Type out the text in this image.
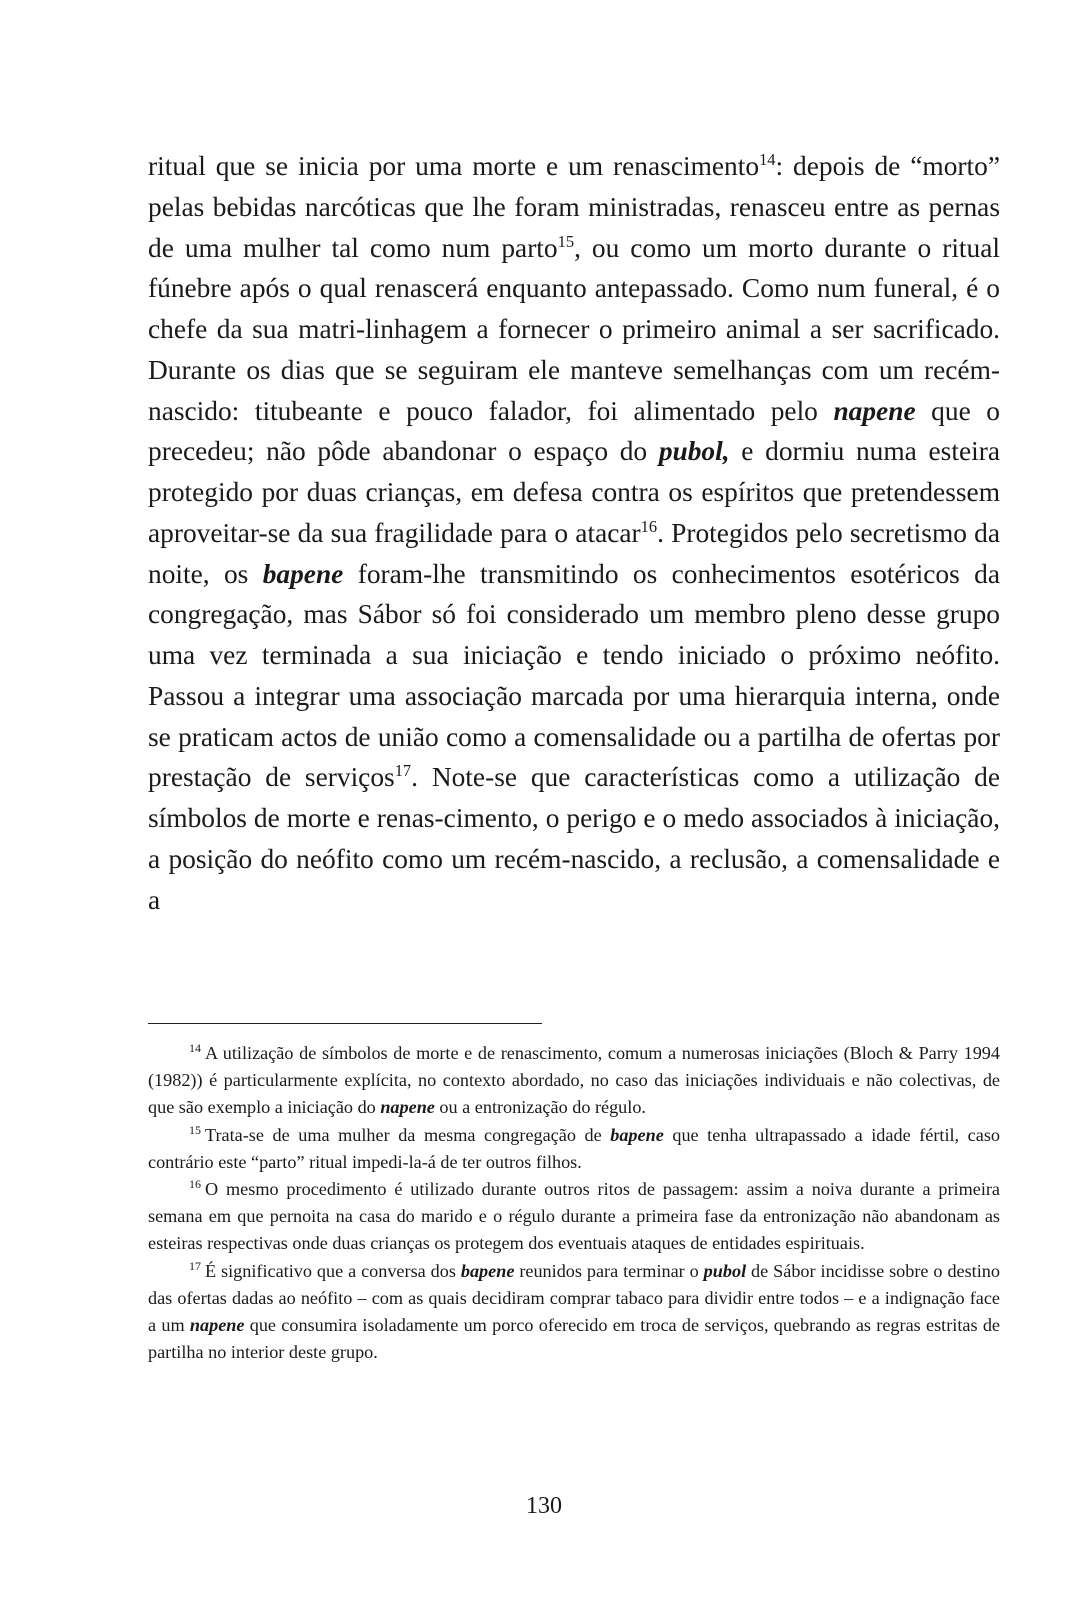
ritual que se inicia por uma morte e um renascimento$^{14}$: depois de “morto” pelas bebidas narcóticas que lhe foram ministradas, renasceu entre as pernas de uma mulher tal como num parto$^{15}$, ou como um morto durante o ritual fúnebre após o qual renascerá enquanto antepassado. Como num funeral, é o chefe da sua matri-linhagem a fornecer o primeiro animal a ser sacrificado. Durante os dias que se seguiram ele manteve semelhanças com um recém-nascido: titubeante e pouco falador, foi alimentado pelo napene que o precedeu; não pôde abandonar o espaço do pubol, e dormiu numa esteira protegido por duas crianças, em defesa contra os espíritos que pretendessem aproveitar-se da sua fragilidade para o atacar$^{16}$. Protegidos pelo secretismo da noite, os bapene foram-lhe transmitindo os conhecimentos esotéricos da congregação, mas Sábor só foi considerado um membro pleno desse grupo uma vez terminada a sua iniciação e tendo iniciado o próximo neófito. Passou a integrar uma associação marcada por uma hierarquia interna, onde se praticam actos de união como a comensalidade ou a partilha de ofertas por prestação de serviços$^{17}$. Note-se que características como a utilização de símbolos de morte e renas-cimento, o perigo e o medo associados à iniciação, a posição do neófito como um recém-nascido, a reclusão, a comensalidade e a

$^{14}$ A utilização de símbolos de morte e de renascimento, comum a numerosas iniciações (Bloch & Parry 1994 (1982)) é particularmente explícita, no contexto abordado, no caso das iniciações individuais e não colectivas, de que são exemplo a iniciação do napene ou a entronização do régulo.

$^{15}$ Trata-se de uma mulher da mesma congregação de bapene que tenha ultrapassado a idade fértil, caso contrário este “parto” ritual impedi-la-á de ter outros filhos.

$^{16}$ O mesmo procedimento é utilizado durante outros ritos de passagem: assim a noiva durante a primeira semana em que pernoita na casa do marido e o régulo durante a primeira fase da entronização não abandonam as esteiras respectivas onde duas crianças os protegem dos eventuais ataques de entidades espirituais.

$^{17}$ É significativo que a conversa dos bapene reunidos para terminar o pubol de Sábor incidisse sobre o destino das ofertas dadas ao neófito – com as quais decidiram comprar tabaco para dividir entre todos – e a indignação face a um napene que consumira isoladamente um porco oferecido em troca de serviços, quebrando as regras estritas de partilha no interior deste grupo.

130
